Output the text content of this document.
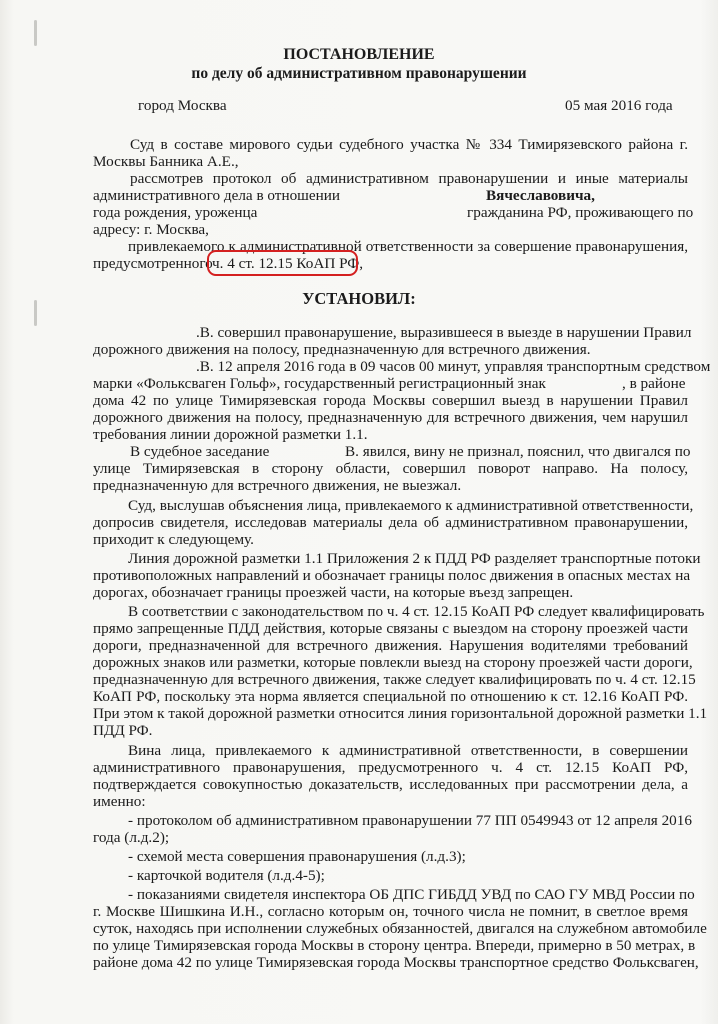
ПОСТАНОВЛЕНИЕ
по делу об административном правонарушении
город Москва	05 мая 2016 года
Суд в составе мирового судьи судебного участка № 334 Тимирязевского района г.
Москвы Банника А.Е.,
рассмотрев протокол об административном правонарушении и иные материалы
административного дела в отношении	Вячеславовича,
года рождения, уроженца	гражданина РФ, проживающего по
адресу: г. Москва,
привлекаемого к административной ответственности за совершение правонарушения,
предусмотренного ч. 4 ст. 12.15 КоАП РФ,
УСТАНОВИЛ:
.В. совершил правонарушение, выразившееся в выезде в нарушении Правил
дорожного движения на полосу, предназначенную для встречного движения.
.В. 12 апреля 2016 года в 09 часов 00 минут, управляя транспортным средством
марки «Фольксваген Гольф», государственный регистрационный знак	, в районе
дома 42 по улице Тимирязевская города Москвы совершил выезд в нарушении Правил
дорожного движения на полосу, предназначенную для встречного движения, чем нарушил
требования линии дорожной разметки 1.1.
В судебное заседание	В. явился, вину не признал, пояснил, что двигался по
улице Тимирязевская в сторону области, совершил поворот направо. На полосу,
предназначенную для встречного движения, не выезжал.
Суд, выслушав объяснения лица, привлекаемого к административной ответственности,
допросив свидетеля, исследовав материалы дела об административном правонарушении,
приходит к следующему.
Линия дорожной разметки 1.1 Приложения 2 к ПДД РФ разделяет транспортные потоки
противоположных направлений и обозначает границы полос движения в опасных местах на
дорогах, обозначает границы проезжей части, на которые въезд запрещен.
В соответствии с законодательством по ч. 4 ст. 12.15 КоАП РФ следует квалифицировать
прямо запрещенные ПДД действия, которые связаны с выездом на сторону проезжей части
дороги, предназначенной для встречного движения. Нарушения водителями требований
дорожных знаков или разметки, которые повлекли выезд на сторону проезжей части дороги,
предназначенную для встречного движения, также следует квалифицировать по ч. 4 ст. 12.15
КоАП РФ, поскольку эта норма является специальной по отношению к ст. 12.16 КоАП РФ.
При этом к такой дорожной разметки относится линия горизонтальной дорожной разметки 1.1
ПДД РФ.
Вина лица, привлекаемого к административной ответственности, в совершении
административного правонарушения, предусмотренного ч. 4 ст. 12.15 КоАП РФ,
подтверждается совокупностью доказательств, исследованных при рассмотрении дела, а
именно:
- протоколом об административном правонарушении 77 ПП 0549943 от 12 апреля 2016
года (л.д.2);
- схемой места совершения правонарушения (л.д.3);
- карточкой водителя (л.д.4-5);
- показаниями свидетеля инспектора ОБ ДПС ГИБДД УВД по САО ГУ МВД России по
г. Москве Шишкина И.Н., согласно которым он, точного числа не помнит, в светлое время
суток, находясь при исполнении служебных обязанностей, двигался на служебном автомобиле
по улице Тимирязевская города Москвы в сторону центра. Впереди, примерно в 50 метрах, в
районе дома 42 по улице Тимирязевская города Москвы транспортное средство Фольксваген,
